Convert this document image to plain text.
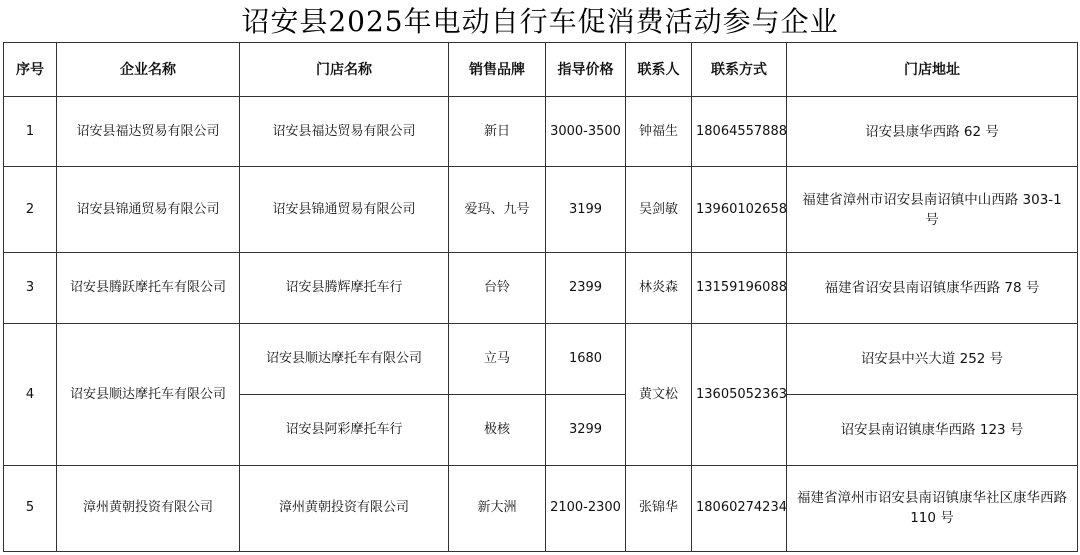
诏安县2025年电动自行车促消费活动参与企业
序号	企业名称	门店名称	销售品牌	指导价格	联系人	联系方式	门店地址
1	诏安县福达贸易有限公司	诏安县福达贸易有限公司	新日	3000-3500	钟福生	18064557888	诏安县康华西路 62 号
2	诏安县锦通贸易有限公司	诏安县锦通贸易有限公司	爱玛、九号	3199	吴剑敏	13960102658	福建省漳州市诏安县南诏镇中山西路 303-1 号
3	诏安县腾跃摩托车有限公司	诏安县腾辉摩托车行	台铃	2399	林炎森	13159196088	福建省诏安县南诏镇康华西路 78 号
4	诏安县顺达摩托车有限公司	诏安县顺达摩托车有限公司	立马	1680	黄文松	13605052363	诏安县中兴大道 252 号
		诏安县阿彩摩托车行	极核	3299			诏安县南诏镇康华西路 123 号
5	漳州黄朝投资有限公司	漳州黄朝投资有限公司	新大洲	2100-2300	张锦华	18060274234	福建省漳州市诏安县南诏镇康华社区康华西路 110 号
